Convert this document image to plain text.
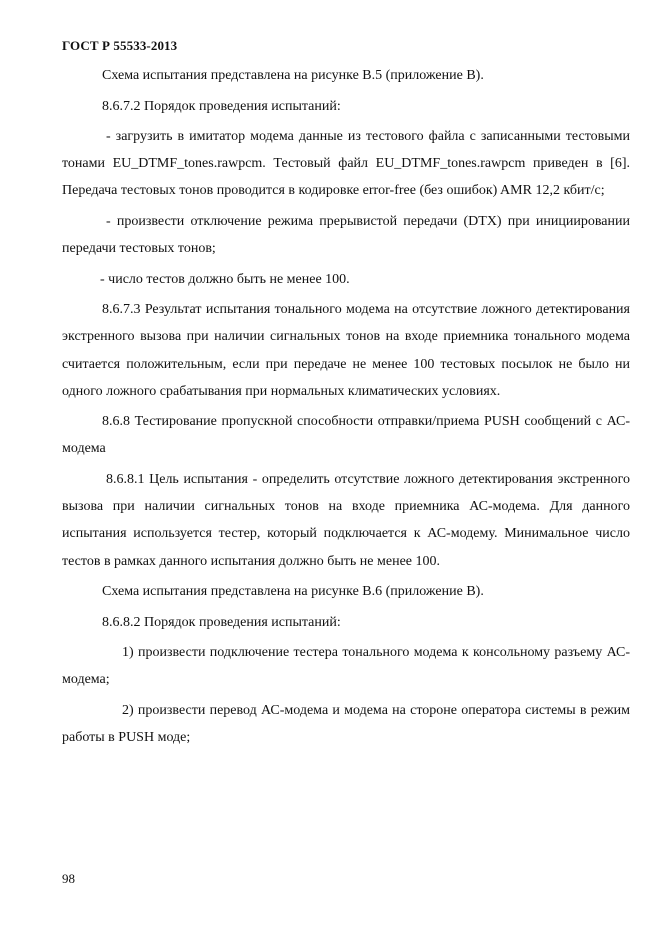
ГОСТ Р 55533-2013

Схема испытания представлена на рисунке В.5 (приложение В).

8.6.7.2 Порядок проведения испытаний:

- загрузить в имитатор модема данные из тестового файла с записанными тестовыми тонами EU_DTMF_tones.rawpcm. Тестовый файл EU_DTMF_tones.rawpcm приведен в [6]. Передача тестовых тонов проводится в кодировке error-free (без ошибок) AMR 12,2 кбит/с;

- произвести отключение режима прерывистой передачи (DTX) при инициировании передачи тестовых тонов;

- число тестов должно быть не менее 100.

8.6.7.3 Результат испытания тонального модема на отсутствие ложного детектирования экстренного вызова при наличии сигнальных тонов на входе приемника тонального модема считается положительным, если при передаче не менее 100 тестовых посылок не было ни одного ложного срабатывания при нормальных климатических условиях.

8.6.8 Тестирование пропускной способности отправки/приема PUSH сообщений с АС-модема

8.6.8.1 Цель испытания - определить отсутствие ложного детектирования экстренного вызова при наличии сигнальных тонов на входе приемника АС-модема. Для данного испытания используется тестер, который подключается к АС-модему. Минимальное число тестов в рамках данного испытания должно быть не менее 100.

Схема испытания представлена на рисунке В.6 (приложение В).

8.6.8.2 Порядок проведения испытаний:

1) произвести подключение тестера тонального модема к консольному разъему АС-модема;

2) произвести перевод АС-модема и модема на стороне оператора системы в режим работы в PUSH моде;

98
